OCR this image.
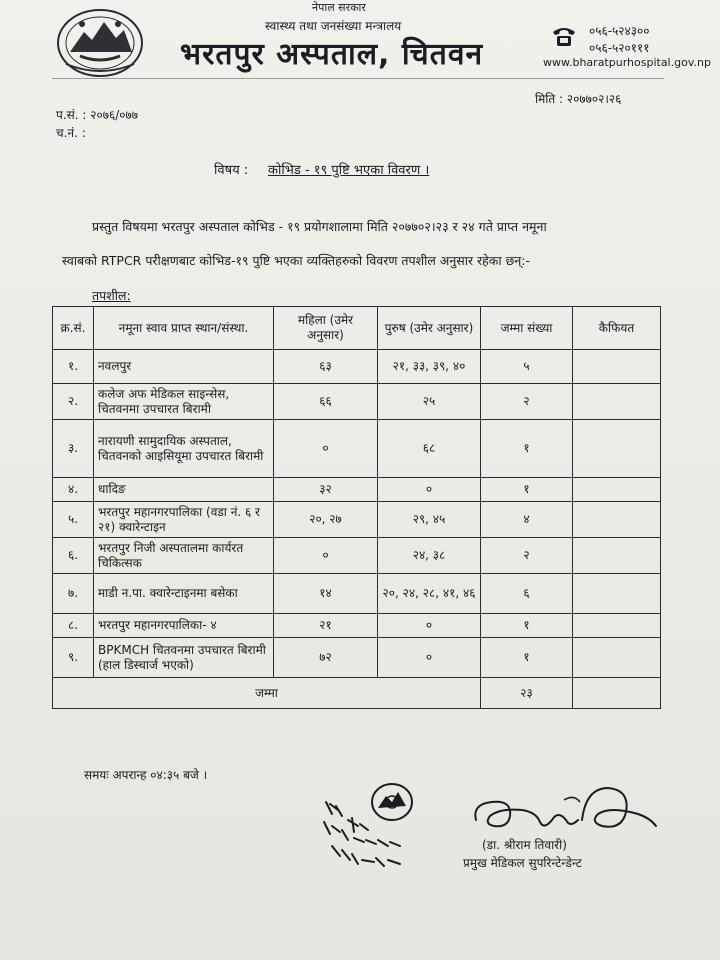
नेपाल सरकार
स्वास्थ्य तथा जनसंख्या मन्त्रालय
भरतपुर अस्पताल, चितवन
०५६-५२४३००
०५६-५२०१११
www.bharatpurhospital.gov.np
मिति : २०७७०२।२६
प.सं. : २०७६/०७७
च.नं. :
विषय : कोभिड - १९ पुष्टि भएका विवरण ।
प्रस्तुत विषयमा भरतपुर अस्पताल कोभिड - १९ प्रयोगशालामा मिति २०७७०२।२३ र २४ गते प्राप्त नमूना
स्वाबको RTPCR परीक्षणबाट कोभिड-१९ पुष्टि भएका व्यक्तिहरुको विवरण तपशील अनुसार रहेका छन्:-
तपशील:
क्र.सं.	नमूना स्वाव प्राप्त स्थान/संस्था.	महिला (उमेर अनुसार)	पुरुष (उमेर अनुसार)	जम्मा संख्या	कैफियत
१.	नवलपुर	६३	२१, ३३, ३९, ४०	५	
२.	कलेज अफ मेडिकल साइन्सेस, चितवनमा उपचारत बिरामी	६६	२५	२	
३.	नारायणी सामुदायिक अस्पताल, चितवनको आइसियूमा उपचारत बिरामी	०	६८	१	
४.	धादिङ	३२	०	१	
५.	भरतपुर महानगरपालिका (वडा नं. ६ र २१) क्वारेन्टाइन	२०, २७	२९, ४५	४	
६.	भरतपुर निजी अस्पतालमा कार्यरत चिकित्सक	०	२४, ३८	२	
७.	माडी न.पा. क्वारेन्टाइनमा बसेका	१४	२०, २४, २८, ४१, ४६	६	
८.	भरतपुर महानगरपालिका- ४	२१	०	१	
९.	BPKMCH चितवनमा उपचारत बिरामी (हाल डिस्चार्ज भएको)	७२	०	१	
जम्मा				२३	
समयः अपरान्ह ०४:३५ बजे ।
(डा. श्रीराम तिवारी)
प्रमुख मेडिकल सुपरिन्टेन्डेन्ट
